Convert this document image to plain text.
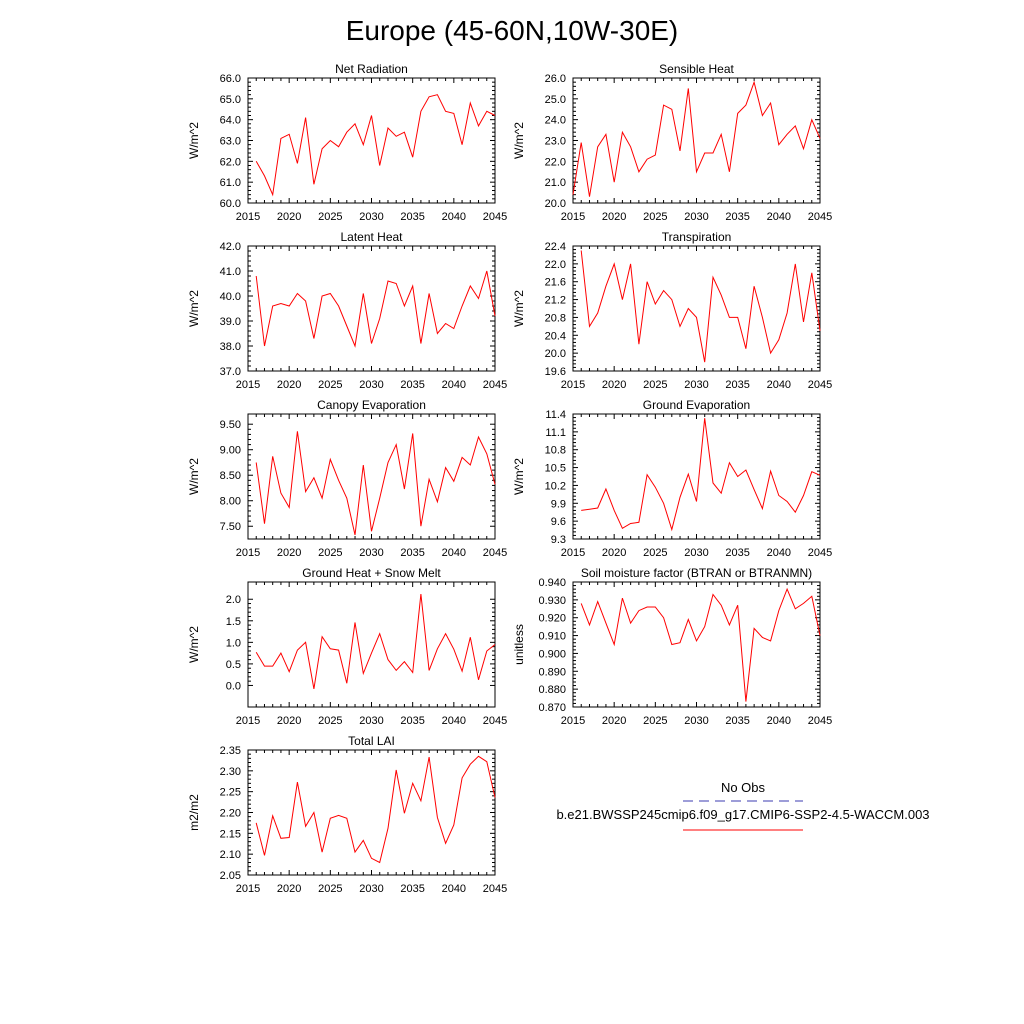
Europe (45-60N,10W-30E)
2015 2020 2025 2030 2035 2040 2045
60.0
61.0
62.0
63.0
64.0
65.0
66.0
Net Radiation
W/m^2
2015 2020 2025 2030 2035 2040 2045
20.0
21.0
22.0
23.0
24.0
25.0
26.0
Sensible Heat
W/m^2
2015 2020 2025 2030 2035 2040 2045
37.0
38.0
39.0
40.0
41.0
42.0
Latent Heat
W/m^2
2015 2020 2025 2030 2035 2040 2045
19.6
20.0
20.4
20.8
21.2
21.6
22.0
22.4
Transpiration
W/m^2
2015 2020 2025 2030 2035 2040 2045
7.50
8.00
8.50
9.00
9.50
Canopy Evaporation
W/m^2
2015 2020 2025 2030 2035 2040 2045
9.3
9.6
9.9
10.2
10.5
10.8
11.1
11.4
Ground Evaporation
W/m^2
2015 2020 2025 2030 2035 2040 2045
0.0
0.5
1.0
1.5
2.0
Ground Heat + Snow Melt
W/m^2
2015 2020 2025 2030 2035 2040 2045
0.870
0.880
0.890
0.900
0.910
0.920
0.930
0.940
Soil moisture factor (BTRAN or BTRANMN)
unitless
2015 2020 2025 2030 2035 2040 2045
2.05
2.10
2.15
2.20
2.25
2.30
2.35
Total LAI
m2/m2
No Obs
b.e21.BWSSP245cmip6.f09_g17.CMIP6-SSP2-4.5-WACCM.003
